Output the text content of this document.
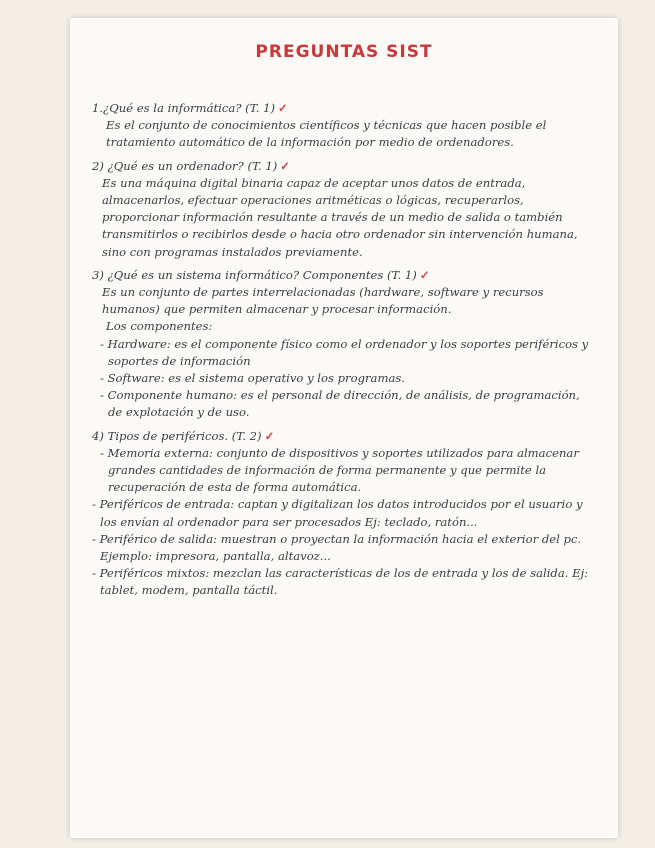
PREGUNTAS SIST
1.¿Qué es la informática? (T. 1) ✓
Es el conjunto de conocimientos científicos y técnicas que hacen posible el tratamiento automático de la información por medio de ordenadores.
2) ¿Qué es un ordenador? (T. 1) ✓
Es una máquina digital binaria capaz de aceptar unos datos de entrada, almacenarlos, efectuar operaciones aritméticas o lógicas, recuperarlos, proporcionar información resultante a través de un medio de salida o también transmitirlos o recibirlos desde o hacia otro ordenador sin intervención humana, sino con programas instalados previamente.
3) ¿Qué es un sistema informático? Componentes (T. 1) ✓
Es un conjunto de partes interrelacionadas (hardware, software y recursos humanos) que permiten almacenar y procesar información.
Los componentes:
- Hardware: es el componente físico como el ordenador y los soportes periféricos y soportes de información
- Software: es el sistema operativo y los programas.
- Componente humano: es el personal de dirección, de análisis, de programación, de explotación y de uso.
4) Tipos de periféricos. (T. 2) ✓
- Memoria externa: conjunto de dispositivos y soportes utilizados para almacenar grandes cantidades de información de forma permanente y que permite la recuperación de esta de forma automática.
- Periféricos de entrada: captan y digitalizan los datos introducidos por el usuario y los envían al ordenador para ser procesados Ej: teclado, ratón...
- Periférico de salida: muestran o proyectan la información hacia el exterior del pc. Ejemplo: impresora, pantalla, altavoz...
- Periféricos mixtos: mezclan las características de los de entrada y los de salida. Ej: tablet, modem, pantalla táctil.
